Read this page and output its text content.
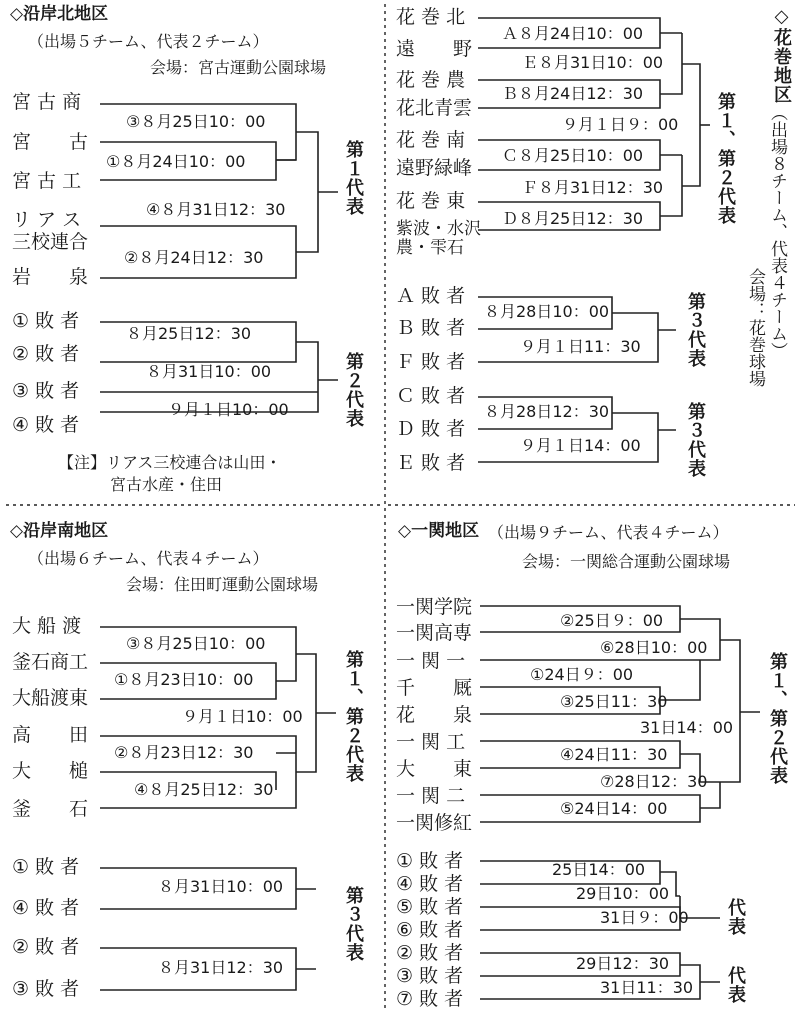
◇沿岸北地区
（出場５チーム、代表２チーム）
会場：宮古運動公園球場
宮 古 商
宮　　古
宮 古 工
リ ア ス
三校連合
岩　　泉
③８月25日10：00
①８月24日10：00
④８月31日12：30
②８月24日12：30
第１代表
① 敗 者
② 敗 者
③ 敗 者
④ 敗 者
８月25日12：30
８月31日10：00
９月１日10：00	第２代表
【注】リアス三校連合は山田・
宮古水産・住田
花 巻 北
遠　　野
花 巻 農
花北青雲
花 巻 南
遠野緑峰
花 巻 東
紫波・水沢
農・雫石
Ａ８月24日10：00
Ｅ８月31日10：00
Ｂ８月24日12：30
９月１日９：00
Ｃ８月25日10：00
Ｆ８月31日12：30
Ｄ８月25日12：30	第１、第２代表
Ａ 敗 者
Ｂ 敗 者
Ｆ 敗 者
８月28日10：00
９月１日11：30 第３代表
Ｃ 敗 者
Ｄ 敗 者
Ｅ 敗 者
８月28日12：30
９月１日14：00 第３代表
◇花巻地区
（出場８チーム、代表４チーム）
会場：花巻球場
◇沿岸南地区
（出場６チーム、代表４チーム）
会場：住田町運動公園球場
大 船 渡
釜石商工
大船渡東
高　　田
大　　槌
釜　　石
③８月25日10：00
①８月23日10：00
９月１日10：00
②８月23日12：30
④８月25日12：30
第１、第２代表
① 敗 者
④ 敗 者
② 敗 者
③ 敗 者
８月31日10：00
８月31日12：30
第３代表
◇一関地区 （出場９チーム、代表４チーム）
会場：一関総合運動公園球場
一関学院
一関高専
一 関 一
千　　厩
花　　泉
一 関 工
大　　東
一 関 二
一関修紅
②25日９：00
⑥28日10：00
①24日９：00
③25日11：30
31日14：00
④24日11：30
⑦28日12：30
⑤24日14：00
第１、第２代表
① 敗 者
④ 敗 者
⑤ 敗 者
⑥ 敗 者
25日14：00
29日10：00
31日９：00 代表
② 敗 者
③ 敗 者
⑦ 敗 者
29日12：30
31日11：30 代表
